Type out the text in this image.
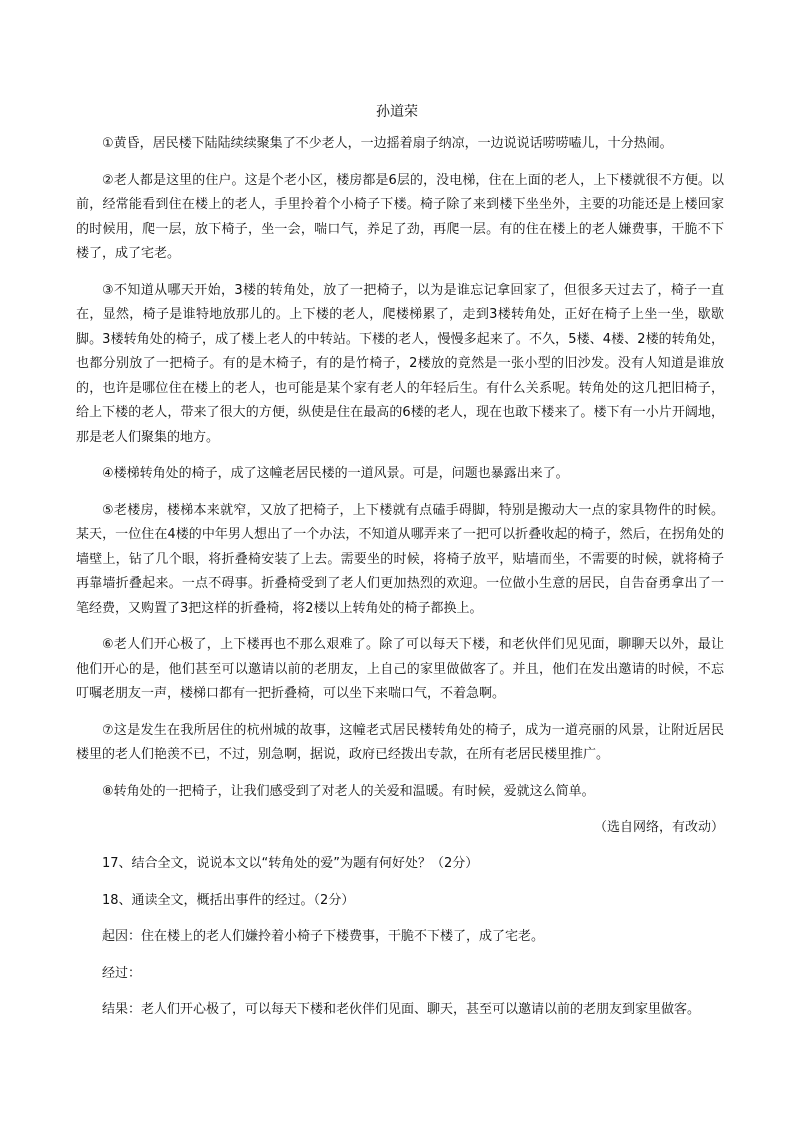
孙道荣

①黄昏，居民楼下陆陆续续聚集了不少老人，一边摇着扇子纳凉，一边说说话唠唠嗑儿，十分热闹。

②老人都是这里的住户。这是个老小区，楼房都是6层的，没电梯，住在上面的老人，上下楼就很不方便。以前，经常能看到住在楼上的老人，手里拎着个小椅子下楼。椅子除了来到楼下坐坐外，主要的功能还是上楼回家的时候用，爬一层，放下椅子，坐一会，喘口气，养足了劲，再爬一层。有的住在楼上的老人嫌费事，干脆不下楼了，成了宅老。

③不知道从哪天开始，3楼的转角处，放了一把椅子，以为是谁忘记拿回家了，但很多天过去了，椅子一直在，显然，椅子是谁特地放那儿的。上下楼的老人，爬楼梯累了，走到3楼转角处，正好在椅子上坐一坐，歇歇脚。3楼转角处的椅子，成了楼上老人的中转站。下楼的老人，慢慢多起来了。不久，5楼、4楼、2楼的转角处，也都分别放了一把椅子。有的是木椅子，有的是竹椅子，2楼放的竟然是一张小型的旧沙发。没有人知道是谁放的，也许是哪位住在楼上的老人，也可能是某个家有老人的年轻后生。有什么关系呢。转角处的这几把旧椅子，给上下楼的老人，带来了很大的方便，纵使是住在最高的6楼的老人，现在也敢下楼来了。楼下有一小片开阔地，那是老人们聚集的地方。

④楼梯转角处的椅子，成了这幢老居民楼的一道风景。可是，问题也暴露出来了。

⑤老楼房，楼梯本来就窄，又放了把椅子，上下楼就有点磕手碍脚，特别是搬动大一点的家具物件的时候。某天，一位住在4楼的中年男人想出了一个办法，不知道从哪弄来了一把可以折叠收起的椅子，然后，在拐角处的墙壁上，钻了几个眼，将折叠椅安装了上去。需要坐的时候，将椅子放平，贴墙而坐，不需要的时候，就将椅子再靠墙折叠起来。一点不碍事。折叠椅受到了老人们更加热烈的欢迎。一位做小生意的居民，自告奋勇拿出了一笔经费，又购置了3把这样的折叠椅，将2楼以上转角处的椅子都换上。

⑥老人们开心极了，上下楼再也不那么艰难了。除了可以每天下楼，和老伙伴们见见面，聊聊天以外，最让他们开心的是，他们甚至可以邀请以前的老朋友，上自己的家里做做客了。并且，他们在发出邀请的时候，不忘叮嘱老朋友一声，楼梯口都有一把折叠椅，可以坐下来喘口气，不着急啊。

⑦这是发生在我所居住的杭州城的故事，这幢老式居民楼转角处的椅子，成为一道亮丽的风景，让附近居民楼里的老人们艳羡不已，不过，别急啊，据说，政府已经拨出专款，在所有老居民楼里推广。

⑧转角处的一把椅子，让我们感受到了对老人的关爱和温暖。有时候，爱就这么简单。

（选自网络，有改动）

17、结合全文，说说本文以“转角处的爱”为题有何好处？（2分）

18、通读全文，概括出事件的经过。（2分）

起因：住在楼上的老人们嫌拎着小椅子下楼费事，干脆不下楼了，成了宅老。

经过：

结果：老人们开心极了，可以每天下楼和老伙伴们见面、聊天，甚至可以邀请以前的老朋友到家里做客。
